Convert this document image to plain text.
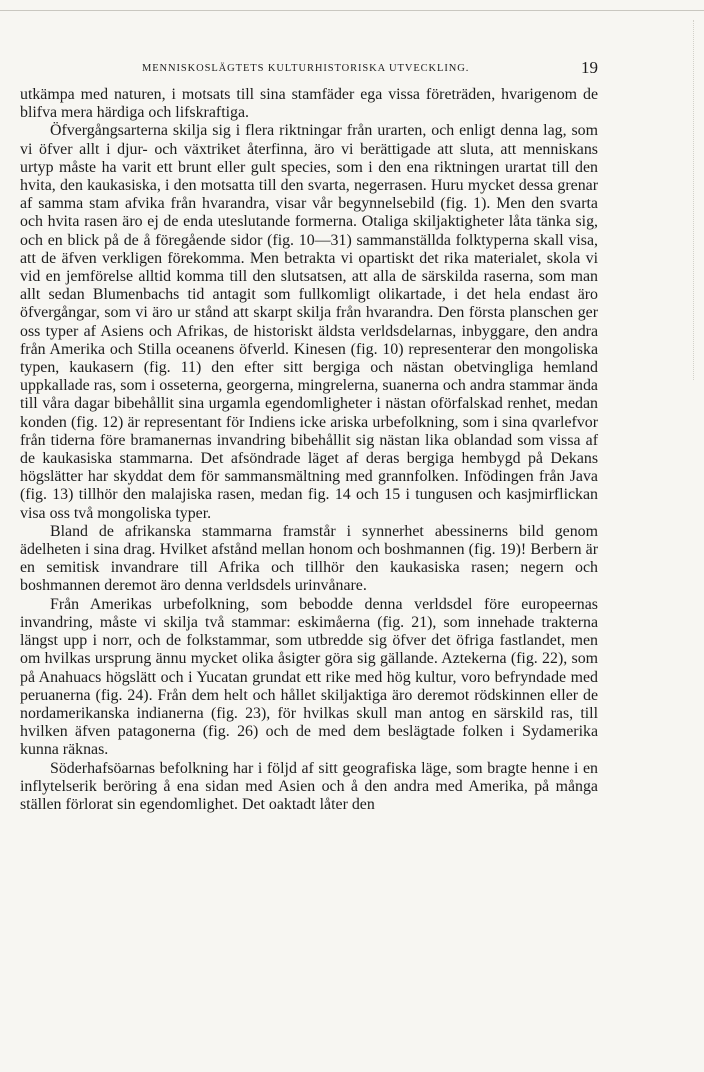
MENNISKOSLÄGTETS KULTURHISTORISKA UTVECKLING.	19

utkämpa med naturen, i motsats till sina stamfäder ega vissa företräden, hvarigenom de blifva mera härdiga och lifskraftiga.

Öfvergångsarterna skilja sig i flera riktningar från urarten, och enligt denna lag, som vi öfver allt i djur- och växtriket återfinna, äro vi berättigade att sluta, att menniskans urtyp måste ha varit ett brunt eller gult species, som i den ena riktningen urartat till den hvita, den kaukasiska, i den motsatta till den svarta, negerrasen. Huru mycket dessa grenar af samma stam afvika från hvarandra, visar vår begynnelsebild (fig. 1). Men den svarta och hvita rasen äro ej de enda uteslutande formerna. Otaliga skiljaktigheter låta tänka sig, och en blick på de å föregående sidor (fig. 10—31) sammanställda folktyperna skall visa, att de äfven verkligen förekomma. Men betrakta vi opartiskt det rika materialet, skola vi vid en jemförelse alltid komma till den slutsatsen, att alla de särskilda raserna, som man allt sedan Blumenbachs tid antagit som fullkomligt olikartade, i det hela endast äro öfvergångar, som vi äro ur stånd att skarpt skilja från hvarandra. Den första planschen ger oss typer af Asiens och Afrikas, de historiskt äldsta verldsdelarnas, inbyggare, den andra från Amerika och Stilla oceanens öfverld. Kinesen (fig. 10) representerar den mongoliska typen, kaukasern (fig. 11) den efter sitt bergiga och nästan obetvingliga hemland uppkallade ras, som i osseterna, georgerna, mingrelerna, suanerna och andra stammar ända till våra dagar bibehållit sina urgamla egendomligheter i nästan oförfalskad renhet, medan konden (fig. 12) är representant för Indiens icke ariska urbefolkning, som i sina qvarlefvor från tiderna före bramanernas invandring bibehållit sig nästan lika oblandad som vissa af de kaukasiska stammarna. Det afsöndrade läget af deras bergiga hembygd på Dekans högslätter har skyddat dem för sammansmältning med grannfolken. Infödingen från Java (fig. 13) tillhör den malajiska rasen, medan fig. 14 och 15 i tungusen och kasjmirflickan visa oss två mongoliska typer.

Bland de afrikanska stammarna framstår i synnerhet abessinerns bild genom ädelheten i sina drag. Hvilket afstånd mellan honom och boshmannen (fig. 19)! Berbern är en semitisk invandrare till Afrika och tillhör den kaukasiska rasen; negern och boshmannen deremot äro denna verldsdels urinvånare.

Från Amerikas urbefolkning, som bebodde denna verldsdel före europeernas invandring, måste vi skilja två stammar: eskimåerna (fig. 21), som innehade trakterna längst upp i norr, och de folkstammar, som utbredde sig öfver det öfriga fastlandet, men om hvilkas ursprung ännu mycket olika åsigter göra sig gällande. Aztekerna (fig. 22), som på Anahuacs högslätt och i Yucatan grundat ett rike med hög kultur, voro befryndade med peruanerna (fig. 24). Från dem helt och hållet skiljaktiga äro deremot rödskinnen eller de nordamerikanska indianerna (fig. 23), för hvilkas skull man antog en särskild ras, till hvilken äfven patagonerna (fig. 26) och de med dem beslägtade folken i Sydamerika kunna räknas.

Söderhafsöarnas befolkning har i följd af sitt geografiska läge, som bragte henne i en inflytelserik beröring å ena sidan med Asien och å den andra med Amerika, på många ställen förlorat sin egendomlighet. Det oaktadt låter den
